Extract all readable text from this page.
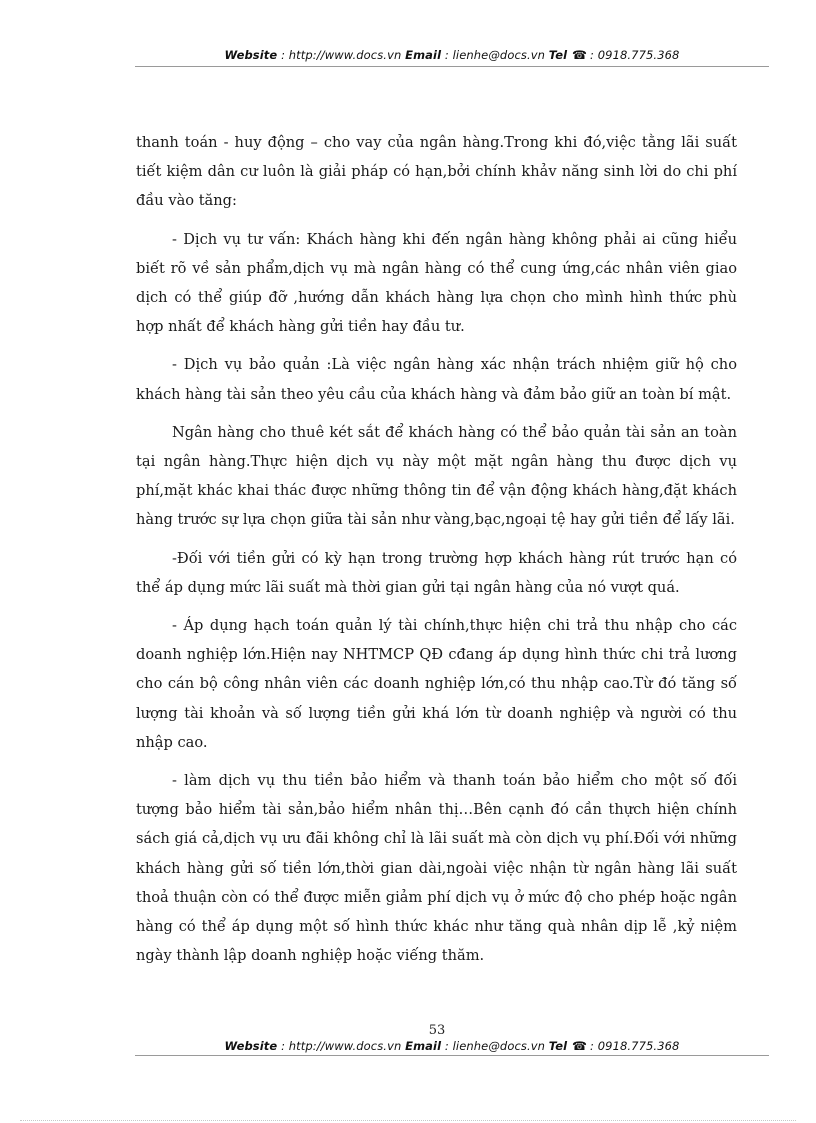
Website : http://www.docs.vn Email : lienhe@docs.vn Tel ☎ : 0918.775.368

thanh toán - huy động – cho vay của ngân hàng.Trong khi đó,việc tằng lãi suất tiết kiệm dân cư luôn là giải pháp có hạn,bởi chính khảv năng sinh lời do chi phí đầu vào tăng:

- Dịch vụ tư vấn: Khách hàng khi đến ngân hàng không phải ai cũng hiểu biết rõ về sản phẩm,dịch vụ mà ngân hàng có thể cung ứng,các nhân viên giao dịch có thể giúp đỡ ,hướng dẫn khách hàng lựa chọn cho mình hình thức phù hợp nhất để khách hàng gửi tiền hay đầu tư.

- Dịch vụ bảo quản :Là việc ngân hàng xác nhận trách nhiệm giữ hộ cho khách hàng tài sản theo yêu cầu của khách hàng và đảm bảo giữ an toàn bí mật.

Ngân hàng cho thuê két sắt để khách hàng có thể bảo quản tài sản an toàn tại ngân hàng.Thực hiện dịch vụ này một mặt ngân hàng thu được dịch vụ phí,mặt khác khai thác được những thông tin để vận động khách hàng,đặt khách hàng trước sự lựa chọn giữa tài sản như vàng,bạc,ngoại tệ hay gửi tiền để lấy lãi.

-Đối với tiền gửi có kỳ hạn trong trường hợp khách hàng rút trước hạn có thể áp dụng mức lãi suất mà thời gian gửi tại ngân hàng của nó vượt quá.

- Áp dụng hạch toán quản lý tài chính,thực hiện chi trả thu nhập cho các doanh nghiệp lớn.Hiện nay NHTMCP QĐ cđang áp dụng hình thức chi trả lương cho cán bộ công nhân viên các doanh nghiệp lớn,có thu nhập cao.Từ đó tăng số lượng tài khoản và số lượng tiền gửi khá lớn từ doanh nghiệp và người có thu nhập cao.

- làm dịch vụ thu tiền bảo hiểm và thanh toán bảo hiểm cho một số đối tượng bảo hiểm tài sản,bảo hiểm nhân thị…Bên cạnh đó cần thựch hiện chính sách giá cả,dịch vụ ưu đãi không chỉ là lãi suất mà còn dịch vụ phí.Đối với những khách hàng gửi số tiền lớn,thời gian dài,ngoài việc nhận từ ngân hàng lãi suất thoả thuận còn có thể được miễn giảm phí dịch vụ ở mức độ cho phép hoặc ngân hàng có thể áp dụng một số hình thức khác như tăng quà nhân dịp lễ ,kỷ niệm ngày thành lập doanh nghiệp hoặc viếng thăm.

53
Website : http://www.docs.vn Email : lienhe@docs.vn Tel ☎ : 0918.775.368
